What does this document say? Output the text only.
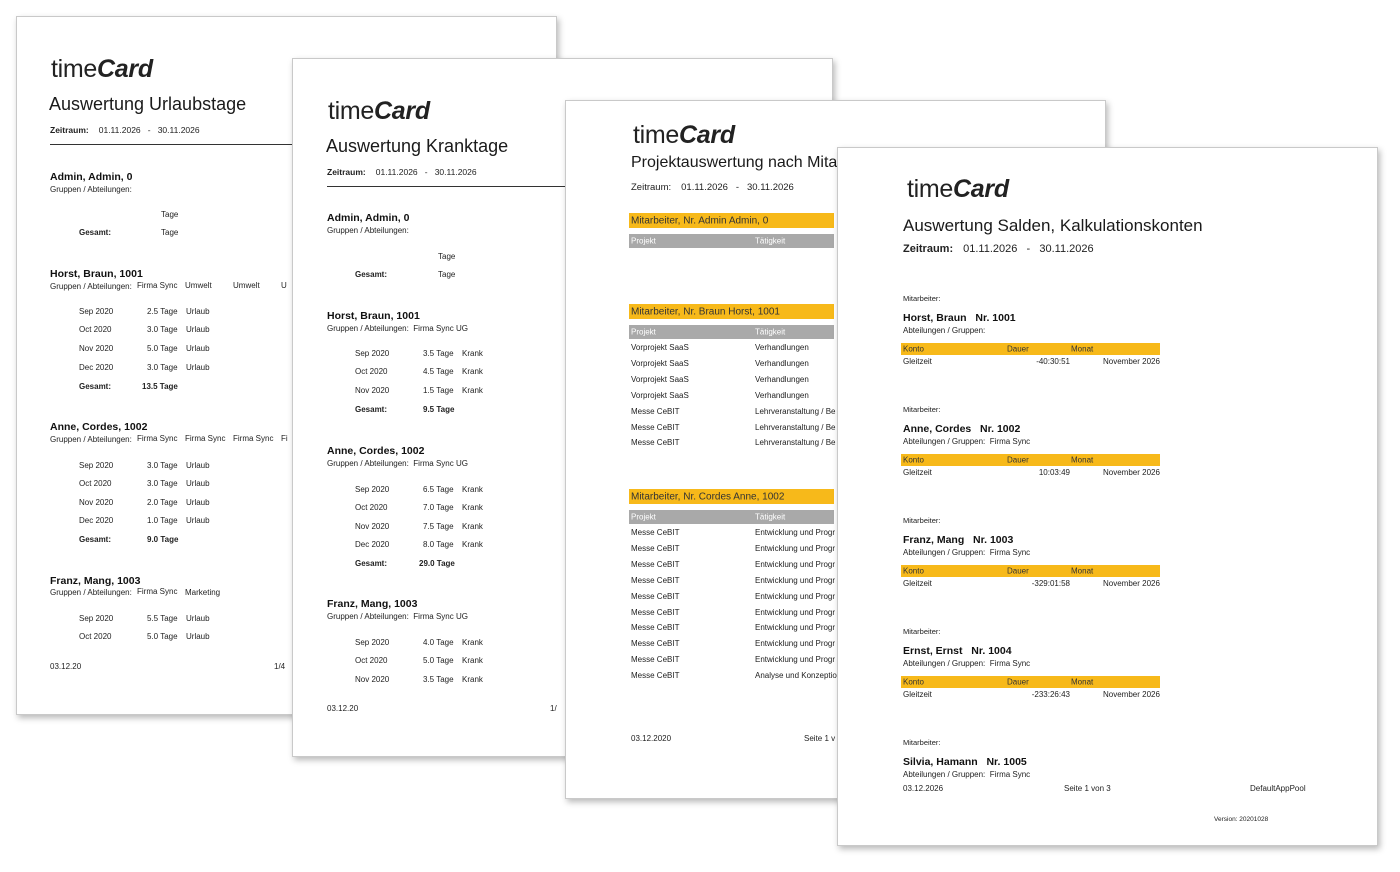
timeCard
Auswertung Urlaubstage
Zeitraum: 01.11.2026 - 30.11.2026
Admin, Admin, 0
Gruppen / Abteilungen:
Tage
Gesamt:	Tage
Horst, Braun, 1001
Gruppen / Abteilungen: Firma Sync Umwelt	Umwelt	U
Sep 2020	2.5 Tage Urlaub
Oct 2020	3.0 Tage Urlaub
Nov 2020	5.0 Tage Urlaub
Dec 2020	3.0 Tage Urlaub
Gesamt:	13.5 Tage
Anne, Cordes, 1002
Gruppen / Abteilungen: Firma Sync Firma Sync Firma Sync Fi
Sep 2020	3.0 Tage Urlaub
Oct 2020	3.0 Tage Urlaub
Nov 2020	2.0 Tage Urlaub
Dec 2020	1.0 Tage Urlaub
Gesamt:	9.0 Tage
Franz, Mang, 1003
Gruppen / Abteilungen: Firma Sync Marketing
Sep 2020	5.5 Tage Urlaub
Oct 2020	5.0 Tage Urlaub
03.12.20	1/4
timeCard
Auswertung Kranktage
Zeitraum: 01.11.2026 - 30.11.2026
Admin, Admin, 0
Gruppen / Abteilungen:
Tage
Gesamt:	Tage
Horst, Braun, 1001
Gruppen / Abteilungen: Firma Sync UG
Sep 2020	3.5 Tage Krank
Oct 2020	4.5 Tage Krank
Nov 2020	1.5 Tage Krank
Gesamt:	9.5 Tage
Anne, Cordes, 1002
Gruppen / Abteilungen: Firma Sync UG
Sep 2020	6.5 Tage Krank
Oct 2020	7.0 Tage Krank
Nov 2020	7.5 Tage Krank
Dec 2020	8.0 Tage Krank
Gesamt:	29.0 Tage
Franz, Mang, 1003
Gruppen / Abteilungen: Firma Sync UG
Sep 2020	4.0 Tage Krank
Oct 2020	5.0 Tage Krank
Nov 2020	3.5 Tage Krank
03.12.20	1/
timeCard
Projektauswertung nach Mita
Zeitraum: 01.11.2026 - 30.11.2026
Mitarbeiter, Nr. Admin Admin, 0
Projekt	Tätigkeit
Mitarbeiter, Nr. Braun Horst, 1001
Projekt	Tätigkeit
Vorprojekt SaaS	Verhandlungen
Vorprojekt SaaS	Verhandlungen
Vorprojekt SaaS	Verhandlungen
Vorprojekt SaaS	Verhandlungen
Messe CeBIT	Lehrveranstaltung / Be
Messe CeBIT	Lehrveranstaltung / Be
Messe CeBIT	Lehrveranstaltung / Be
Mitarbeiter, Nr. Cordes Anne, 1002
Projekt	Tätigkeit
Messe CeBIT	Entwicklung und Progr
Messe CeBIT	Entwicklung und Progr
Messe CeBIT	Entwicklung und Progr
Messe CeBIT	Entwicklung und Progr
Messe CeBIT	Entwicklung und Progr
Messe CeBIT	Entwicklung und Progr
Messe CeBIT	Entwicklung und Progr
Messe CeBIT	Entwicklung und Progr
Messe CeBIT	Entwicklung und Progr
Messe CeBIT	Analyse und Konzeptio
03.12.2020	Seite 1 v
timeCard
Auswertung Salden, Kalkulationskonten
Zeitraum: 01.11.2026 - 30.11.2026
Mitarbeiter:
Horst, Braun Nr. 1001
Abteilungen / Gruppen:
Konto	Dauer	Monat
Gleitzeit	-40:30:51	November 2026
Mitarbeiter:
Anne, Cordes Nr. 1002
Abteilungen / Gruppen: Firma Sync
Konto	Dauer	Monat
Gleitzeit	10:03:49	November 2026
Mitarbeiter:
Franz, Mang Nr. 1003
Abteilungen / Gruppen: Firma Sync
Konto	Dauer	Monat
Gleitzeit	-329:01:58	November 2026
Mitarbeiter:
Ernst, Ernst Nr. 1004
Abteilungen / Gruppen: Firma Sync
Konto	Dauer	Monat
Gleitzeit	-233:26:43	November 2026
Mitarbeiter:
Silvia, Hamann Nr. 1005
Abteilungen / Gruppen: Firma Sync
03.12.2026	Seite 1 von 3	DefaultAppPool
Version: 20201028
